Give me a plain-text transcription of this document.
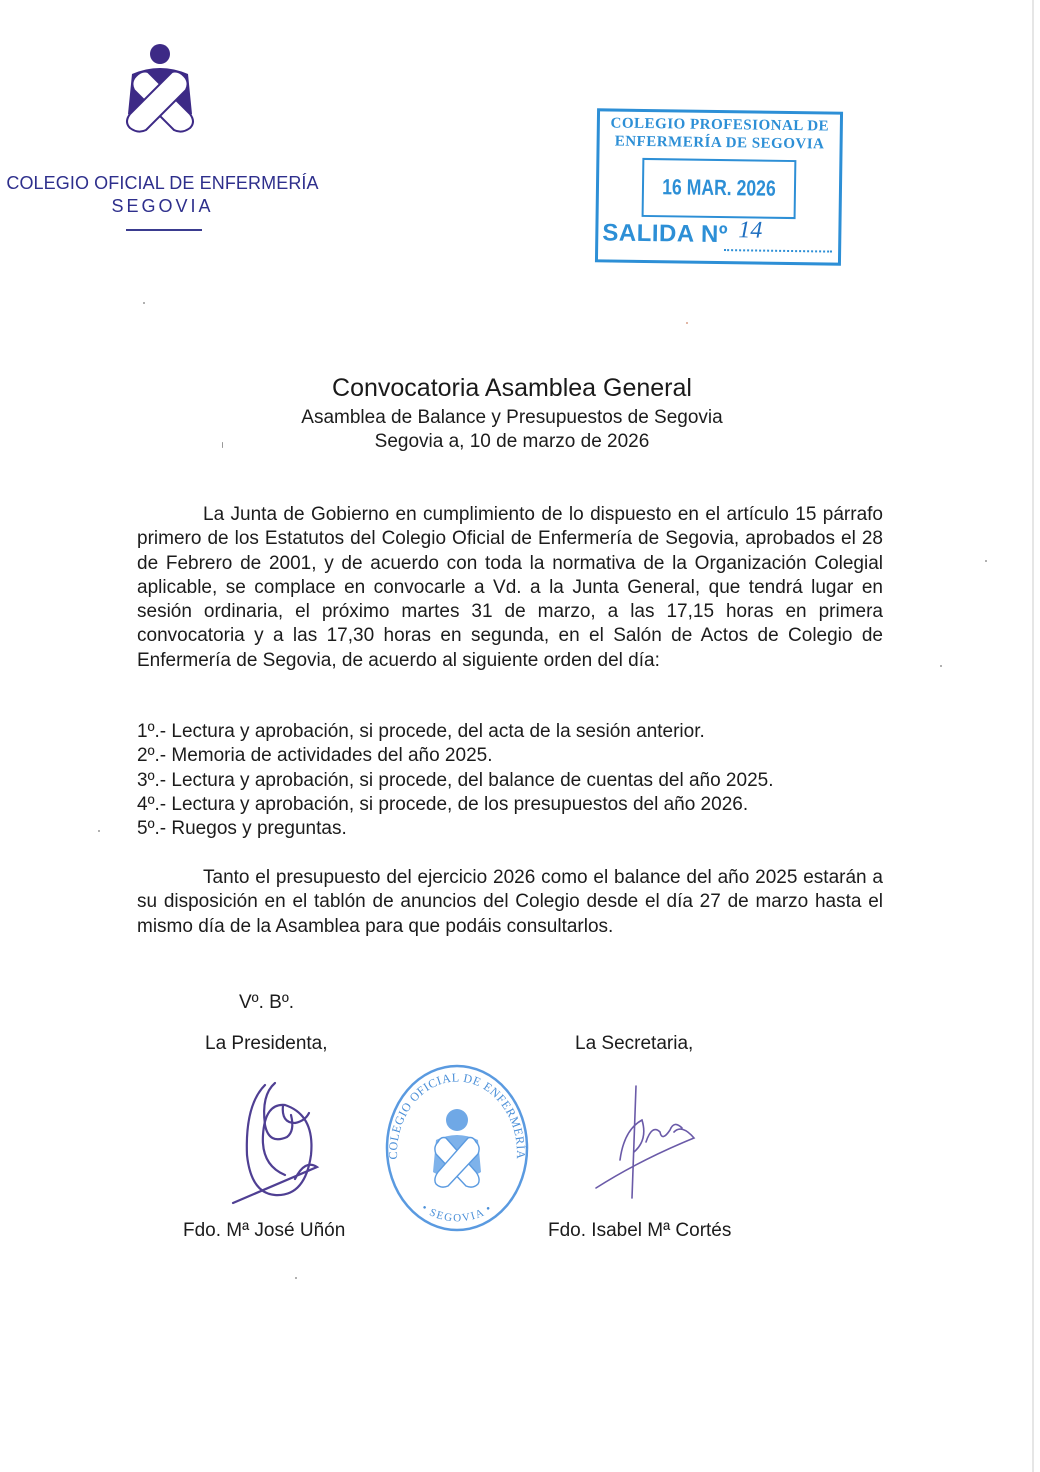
COLEGIO OFICIAL DE ENFERMERÍA
SEGOVIA
COLEGIO PROFESIONAL DE
ENFERMERÍA DE SEGOVIA
16 MAR. 2026
SALIDA Nº 14
Convocatoria Asamblea General
Asamblea de Balance y Presupuestos de Segovia
Segovia a, 10 de marzo de 2026
La Junta de Gobierno en cumplimiento de lo dispuesto en el artículo 15 párrafo primero de los Estatutos del Colegio Oficial de Enfermería de Segovia, aprobados el 28 de Febrero de 2001, y de acuerdo con toda la normativa de la Organización Colegial aplicable, se complace en convocarle a Vd. a la Junta General, que tendrá lugar en sesión ordinaria, el próximo martes 31 de marzo, a las 17,15 horas en primera convocatoria y a las 17,30 horas en segunda, en el Salón de Actos de Colegio de Enfermería de Segovia, de acuerdo al siguiente orden del día:
1º.- Lectura y aprobación, si procede, del acta de la sesión anterior.
2º.- Memoria de actividades del año 2025.
3º.- Lectura y aprobación, si procede, del balance de cuentas del año 2025.
4º.- Lectura y aprobación, si procede, de los presupuestos del año 2026.
5º.- Ruegos y preguntas.
Tanto el presupuesto del ejercicio 2026 como el balance del año 2025 estarán a su disposición en el tablón de anuncios del Colegio desde el día 27 de marzo hasta el mismo día de la Asamblea para que podáis consultarlos.
Vº. Bº.
La Presidenta,	La Secretaria,
COLEGIO OFICIAL DE ENFERMERÍA
• SEGOVIA •
Fdo. Mª José Uñón	Fdo. Isabel Mª Cortés
